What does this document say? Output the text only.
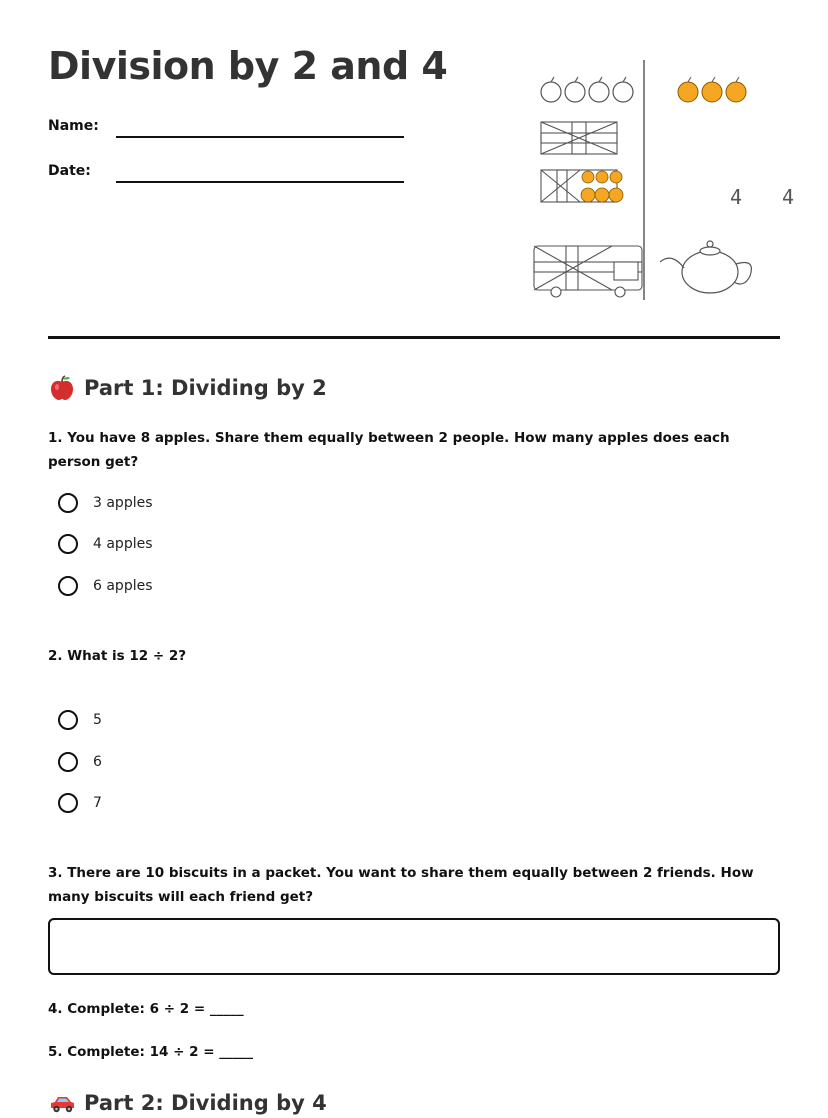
Division by 2 and 4
Name:
Date:
4 4
Part 1: Dividing by 2
1. You have 8 apples. Share them equally between 2 people. How many apples does each person get?
3 apples
4 apples
6 apples
2. What is 12 ÷ 2?
5
6
7
3. There are 10 biscuits in a packet. You want to share them equally between 2 friends. How many biscuits will each friend get?
4. Complete: 6 ÷ 2 = _____
5. Complete: 14 ÷ 2 = _____
Part 2: Dividing by 4
